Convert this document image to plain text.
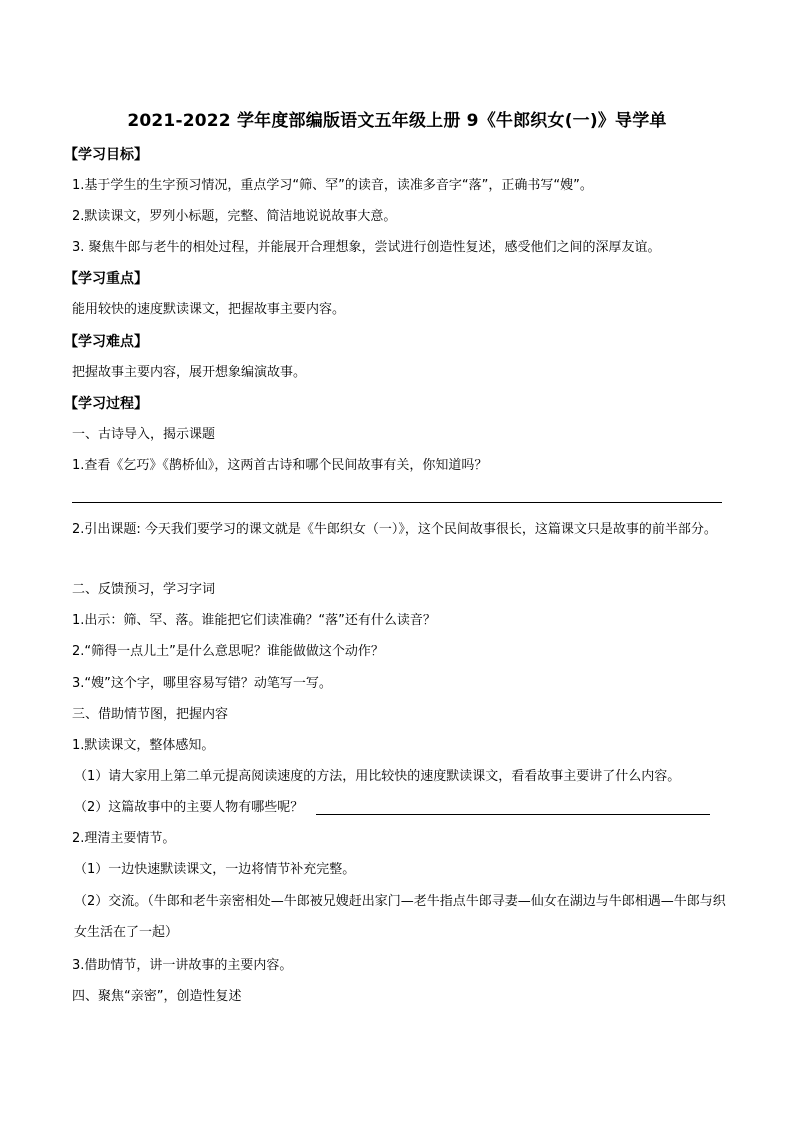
2021-2022 学年度部编版语文五年级上册 9《牛郎织女(一)》导学单
【学习目标】
1.基于学生的生字预习情况，重点学习“筛、罕”的读音，读准多音字“落”，正确书写“嫂”。
2.默读课文，罗列小标题，完整、简洁地说说故事大意。
3. 聚焦牛郎与老牛的相处过程，并能展开合理想象，尝试进行创造性复述，感受他们之间的深厚友谊。
【学习重点】
能用较快的速度默读课文，把握故事主要内容。
【学习难点】
把握故事主要内容，展开想象编演故事。
【学习过程】
一、古诗导入，揭示课题
1.查看《乞巧》《鹊桥仙》，这两首古诗和哪个民间故事有关，你知道吗？
2.引出课题: 今天我们要学习的课文就是《牛郎织女（一）》，这个民间故事很长，这篇课文只是故事的前半部分。
二、反馈预习，学习字词
1.出示：筛、罕、落。谁能把它们读准确？“落”还有什么读音？
2.“筛得一点儿土”是什么意思呢？谁能做做这个动作？
3.“嫂”这个字，哪里容易写错？动笔写一写。
三、借助情节图，把握内容
1.默读课文，整体感知。
（1）请大家用上第二单元提高阅读速度的方法，用比较快的速度默读课文，看看故事主要讲了什么内容。
（2）这篇故事中的主要人物有哪些呢？
2.理清主要情节。
（1）一边快速默读课文，一边将情节补充完整。
（2）交流。（牛郎和老牛亲密相处—牛郎被兄嫂赶出家门—老牛指点牛郎寻妻—仙女在湖边与牛郎相遇—牛郎与织女生活在了一起）
3.借助情节，讲一讲故事的主要内容。
四、聚焦“亲密”，创造性复述
